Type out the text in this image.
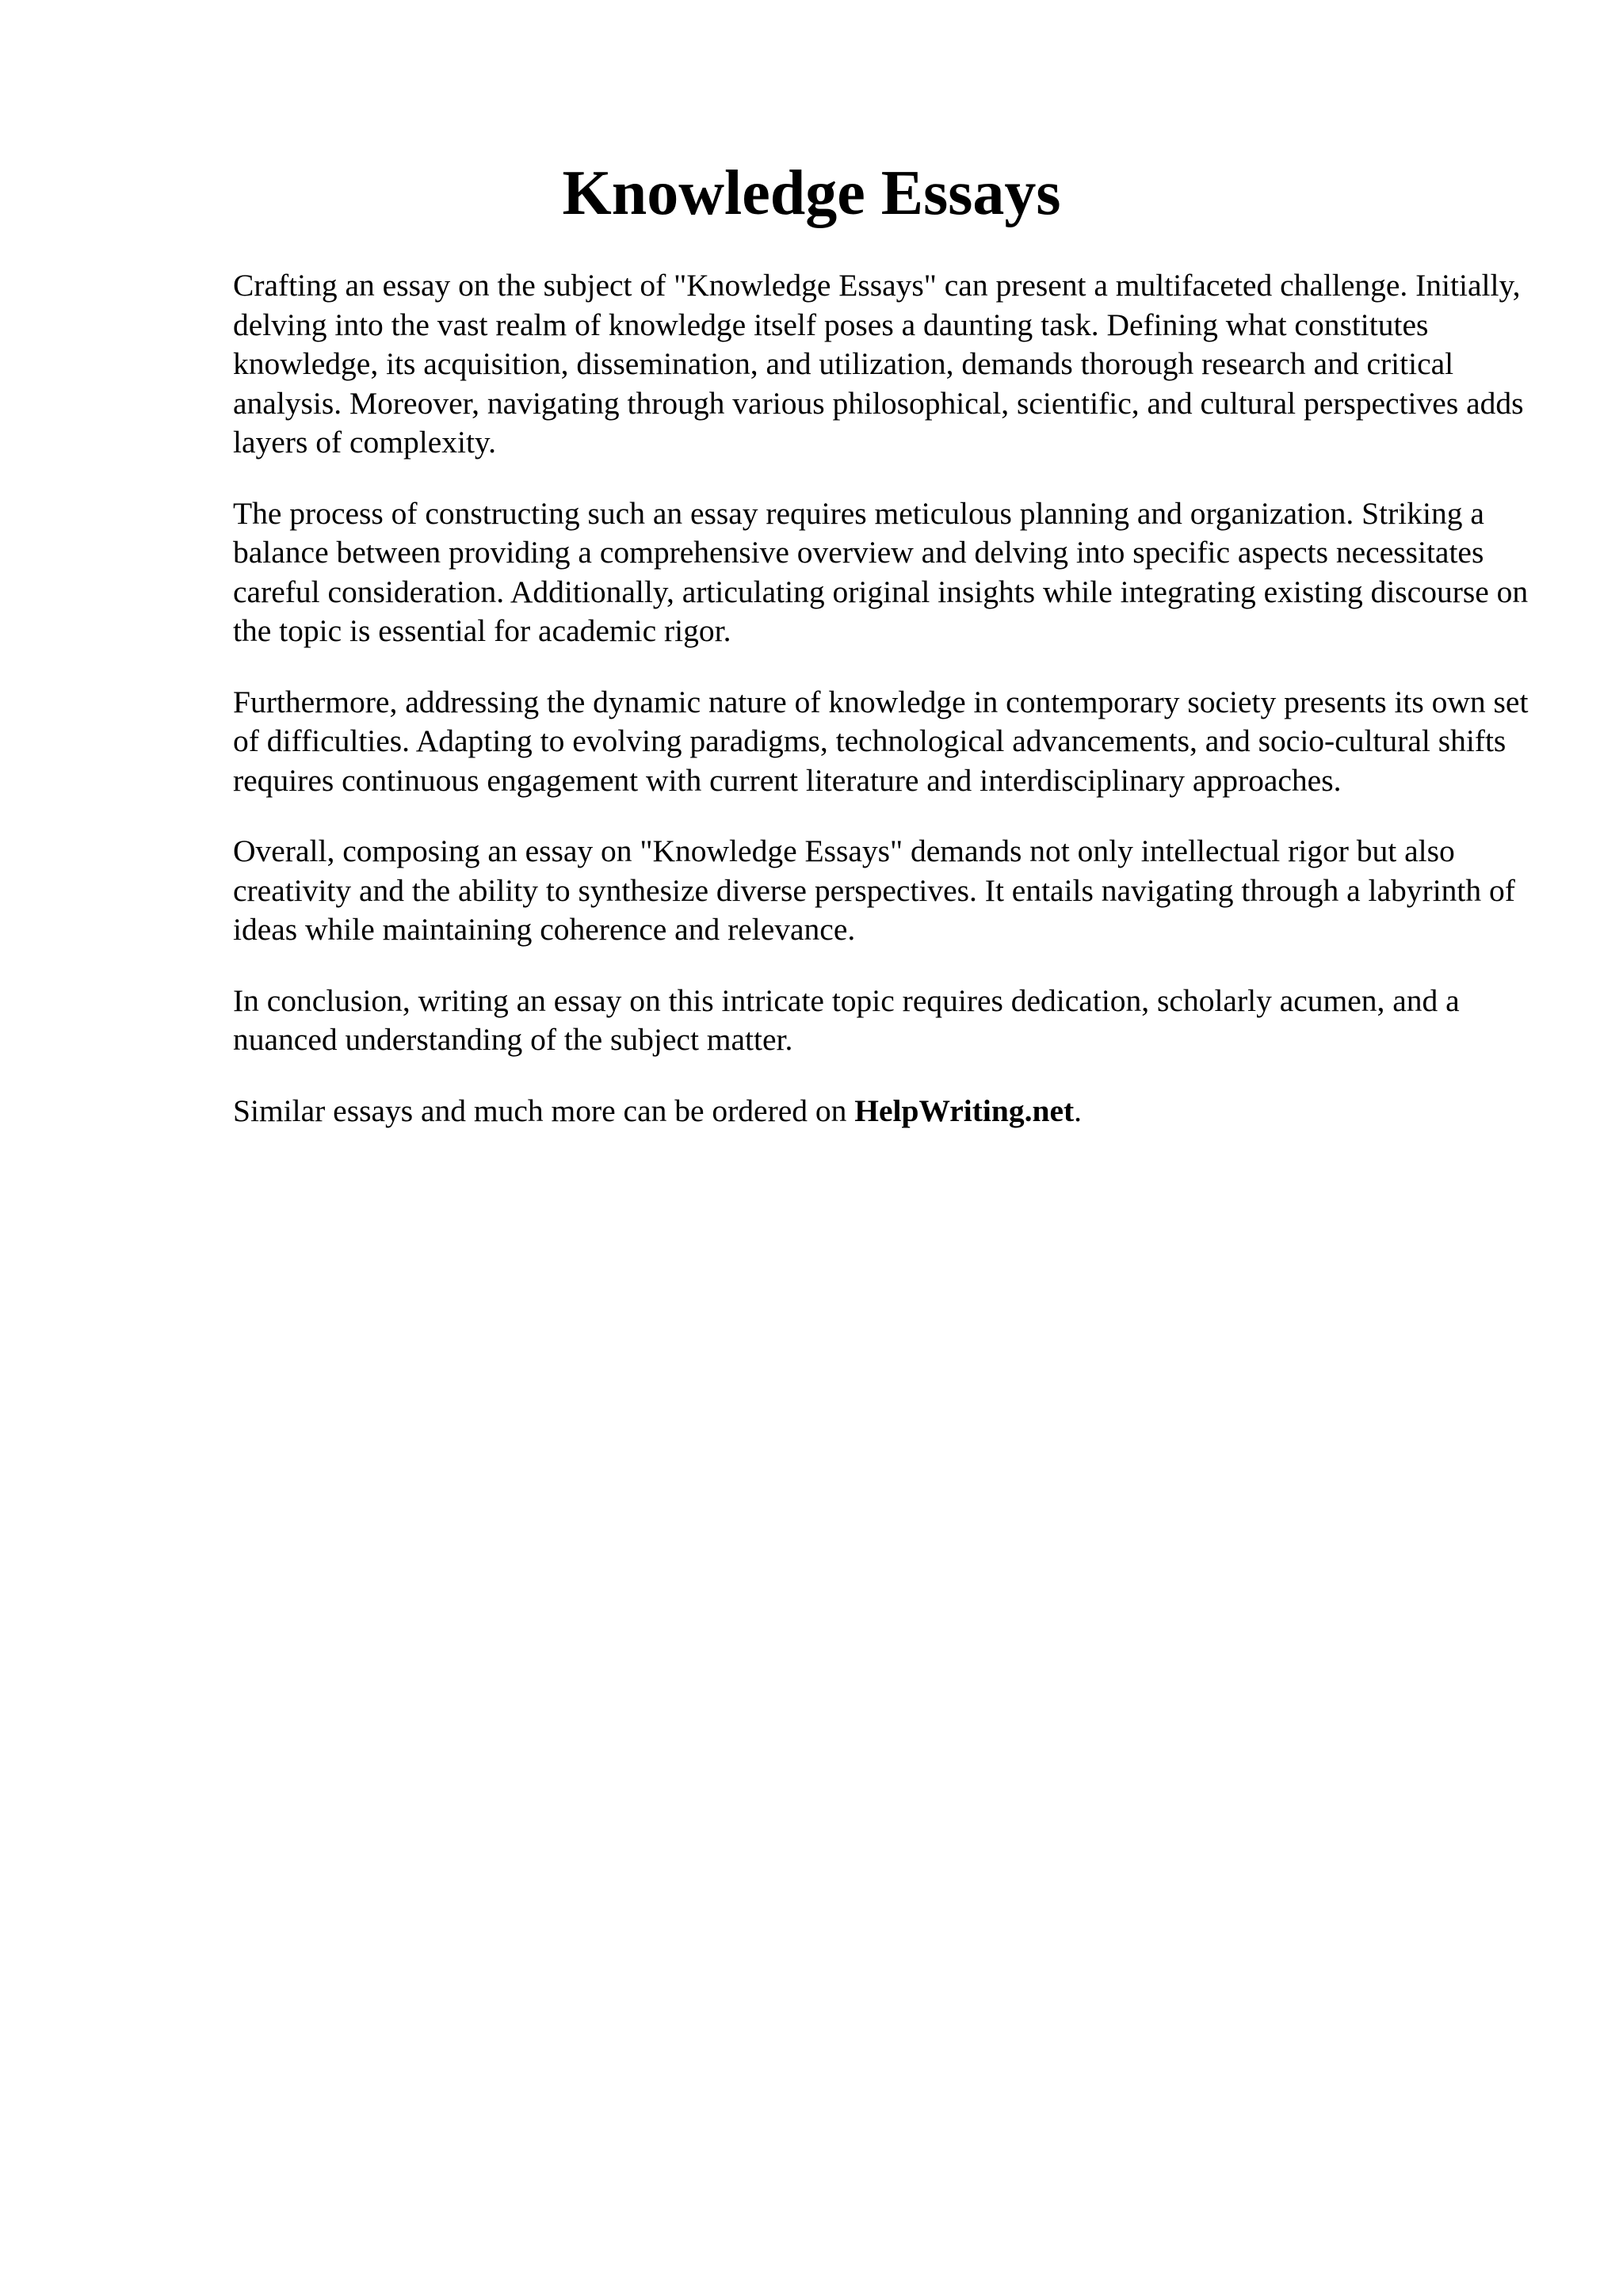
Knowledge Essays

Crafting an essay on the subject of "Knowledge Essays" can present a multifaceted challenge. Initially, delving into the vast realm of knowledge itself poses a daunting task. Defining what constitutes knowledge, its acquisition, dissemination, and utilization, demands thorough research and critical analysis. Moreover, navigating through various philosophical, scientific, and cultural perspectives adds layers of complexity.

The process of constructing such an essay requires meticulous planning and organization. Striking a balance between providing a comprehensive overview and delving into specific aspects necessitates careful consideration. Additionally, articulating original insights while integrating existing discourse on the topic is essential for academic rigor.

Furthermore, addressing the dynamic nature of knowledge in contemporary society presents its own set of difficulties. Adapting to evolving paradigms, technological advancements, and socio-cultural shifts requires continuous engagement with current literature and interdisciplinary approaches.

Overall, composing an essay on "Knowledge Essays" demands not only intellectual rigor but also creativity and the ability to synthesize diverse perspectives. It entails navigating through a labyrinth of ideas while maintaining coherence and relevance.

In conclusion, writing an essay on this intricate topic requires dedication, scholarly acumen, and a nuanced understanding of the subject matter.

Similar essays and much more can be ordered on HelpWriting.net.
